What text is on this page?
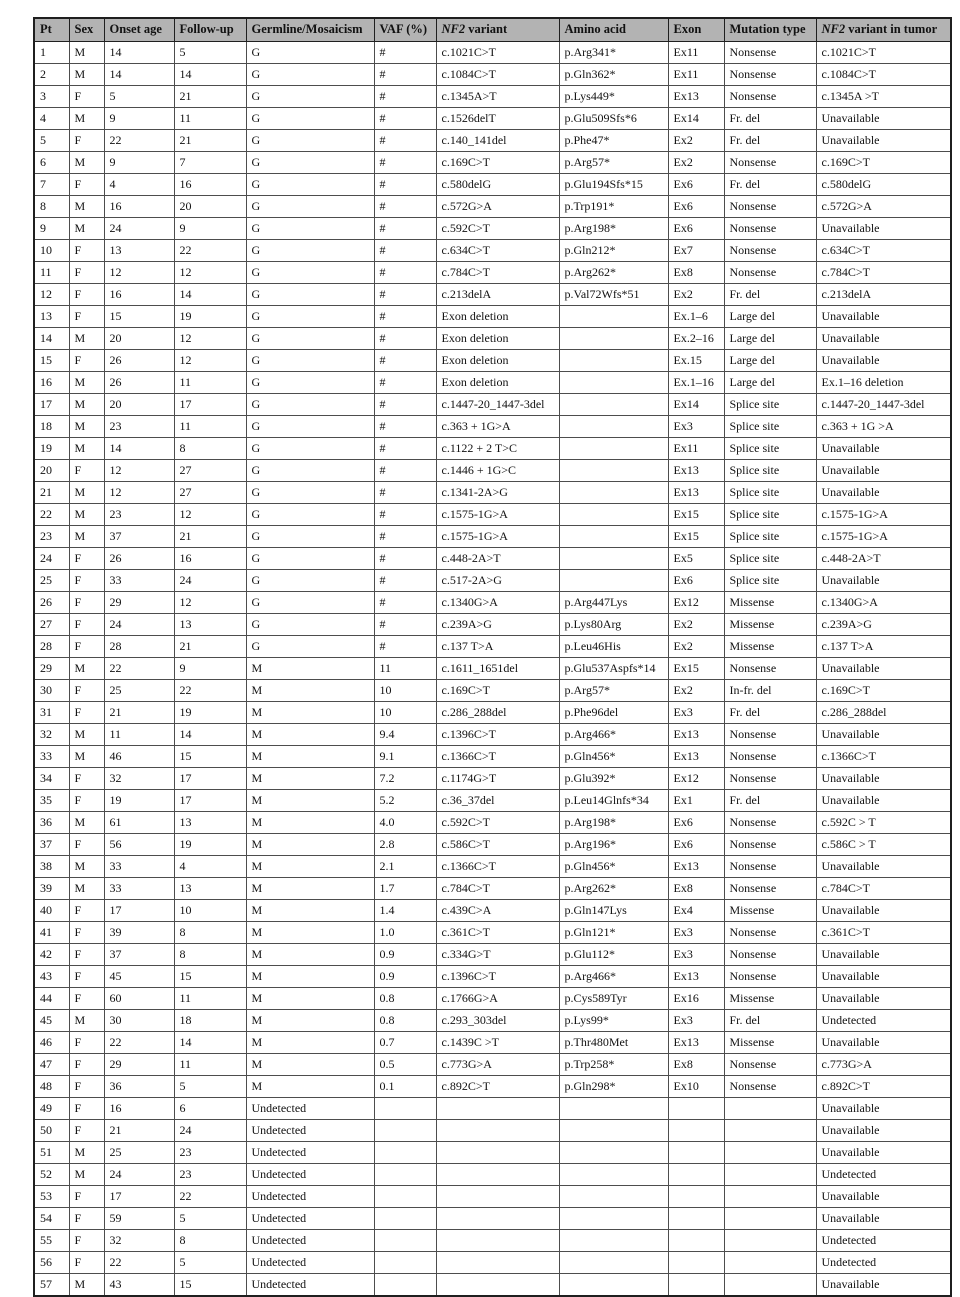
Pt	Sex	Onset age	Follow-up	Germline/Mosaicism	VAF (%)	NF2 variant	Amino acid	Exon	Mutation type	NF2 variant in tumor
1	M	14	5	G	#	c.1021C>T	p.Arg341*	Ex11	Nonsense	c.1021C>T
2	M	14	14	G	#	c.1084C>T	p.Gln362*	Ex11	Nonsense	c.1084C>T
3	F	5	21	G	#	c.1345A>T	p.Lys449*	Ex13	Nonsense	c.1345A >T
4	M	9	11	G	#	c.1526delT	p.Glu509Sfs*6	Ex14	Fr. del	Unavailable
5	F	22	21	G	#	c.140_141del	p.Phe47*	Ex2	Fr. del	Unavailable
6	M	9	7	G	#	c.169C>T	p.Arg57*	Ex2	Nonsense	c.169C>T
7	F	4	16	G	#	c.580delG	p.Glu194Sfs*15	Ex6	Fr. del	c.580delG
8	M	16	20	G	#	c.572G>A	p.Trp191*	Ex6	Nonsense	c.572G>A
9	M	24	9	G	#	c.592C>T	p.Arg198*	Ex6	Nonsense	Unavailable
10	F	13	22	G	#	c.634C>T	p.Gln212*	Ex7	Nonsense	c.634C>T
11	F	12	12	G	#	c.784C>T	p.Arg262*	Ex8	Nonsense	c.784C>T
12	F	16	14	G	#	c.213delA	p.Val72Wfs*51	Ex2	Fr. del	c.213delA
13	F	15	19	G	#	Exon deletion		Ex.1–6	Large del	Unavailable
14	M	20	12	G	#	Exon deletion		Ex.2–16	Large del	Unavailable
15	F	26	12	G	#	Exon deletion		Ex.15	Large del	Unavailable
16	M	26	11	G	#	Exon deletion		Ex.1–16	Large del	Ex.1–16 deletion
17	M	20	17	G	#	c.1447-20_1447-3del		Ex14	Splice site	c.1447-20_1447-3del
18	M	23	11	G	#	c.363 + 1G>A		Ex3	Splice site	c.363 + 1G >A
19	M	14	8	G	#	c.1122 + 2 T>C		Ex11	Splice site	Unavailable
20	F	12	27	G	#	c.1446 + 1G>C		Ex13	Splice site	Unavailable
21	M	12	27	G	#	c.1341-2A>G		Ex13	Splice site	Unavailable
22	M	23	12	G	#	c.1575-1G>A		Ex15	Splice site	c.1575-1G>A
23	M	37	21	G	#	c.1575-1G>A		Ex15	Splice site	c.1575-1G>A
24	F	26	16	G	#	c.448-2A>T		Ex5	Splice site	c.448-2A>T
25	F	33	24	G	#	c.517-2A>G		Ex6	Splice site	Unavailable
26	F	29	12	G	#	c.1340G>A	p.Arg447Lys	Ex12	Missense	c.1340G>A
27	F	24	13	G	#	c.239A>G	p.Lys80Arg	Ex2	Missense	c.239A>G
28	F	28	21	G	#	c.137 T>A	p.Leu46His	Ex2	Missense	c.137 T>A
29	M	22	9	M	11	c.1611_1651del	p.Glu537Aspfs*14	Ex15	Nonsense	Unavailable
30	F	25	22	M	10	c.169C>T	p.Arg57*	Ex2	In-fr. del	c.169C>T
31	F	21	19	M	10	c.286_288del	p.Phe96del	Ex3	Fr. del	c.286_288del
32	M	11	14	M	9.4	c.1396C>T	p.Arg466*	Ex13	Nonsense	Unavailable
33	M	46	15	M	9.1	c.1366C>T	p.Gln456*	Ex13	Nonsense	c.1366C>T
34	F	32	17	M	7.2	c.1174G>T	p.Glu392*	Ex12	Nonsense	Unavailable
35	F	19	17	M	5.2	c.36_37del	p.Leu14Glnfs*34	Ex1	Fr. del	Unavailable
36	M	61	13	M	4.0	c.592C>T	p.Arg198*	Ex6	Nonsense	c.592C > T
37	F	56	19	M	2.8	c.586C>T	p.Arg196*	Ex6	Nonsense	c.586C > T
38	M	33	4	M	2.1	c.1366C>T	p.Gln456*	Ex13	Nonsense	Unavailable
39	M	33	13	M	1.7	c.784C>T	p.Arg262*	Ex8	Nonsense	c.784C>T
40	F	17	10	M	1.4	c.439C>A	p.Gln147Lys	Ex4	Missense	Unavailable
41	F	39	8	M	1.0	c.361C>T	p.Gln121*	Ex3	Nonsense	c.361C>T
42	F	37	8	M	0.9	c.334G>T	p.Glu112*	Ex3	Nonsense	Unavailable
43	F	45	15	M	0.9	c.1396C>T	p.Arg466*	Ex13	Nonsense	Unavailable
44	F	60	11	M	0.8	c.1766G>A	p.Cys589Tyr	Ex16	Missense	Unavailable
45	M	30	18	M	0.8	c.293_303del	p.Lys99*	Ex3	Fr. del	Undetected
46	F	22	14	M	0.7	c.1439C >T	p.Thr480Met	Ex13	Missense	Unavailable
47	F	29	11	M	0.5	c.773G>A	p.Trp258*	Ex8	Nonsense	c.773G>A
48	F	36	5	M	0.1	c.892C>T	p.Gln298*	Ex10	Nonsense	c.892C>T
49	F	16	6	Undetected						Unavailable
50	F	21	24	Undetected						Unavailable
51	M	25	23	Undetected						Unavailable
52	M	24	23	Undetected						Undetected
53	F	17	22	Undetected						Unavailable
54	F	59	5	Undetected						Unavailable
55	F	32	8	Undetected						Undetected
56	F	22	5	Undetected						Undetected
57	M	43	15	Undetected						Unavailable
